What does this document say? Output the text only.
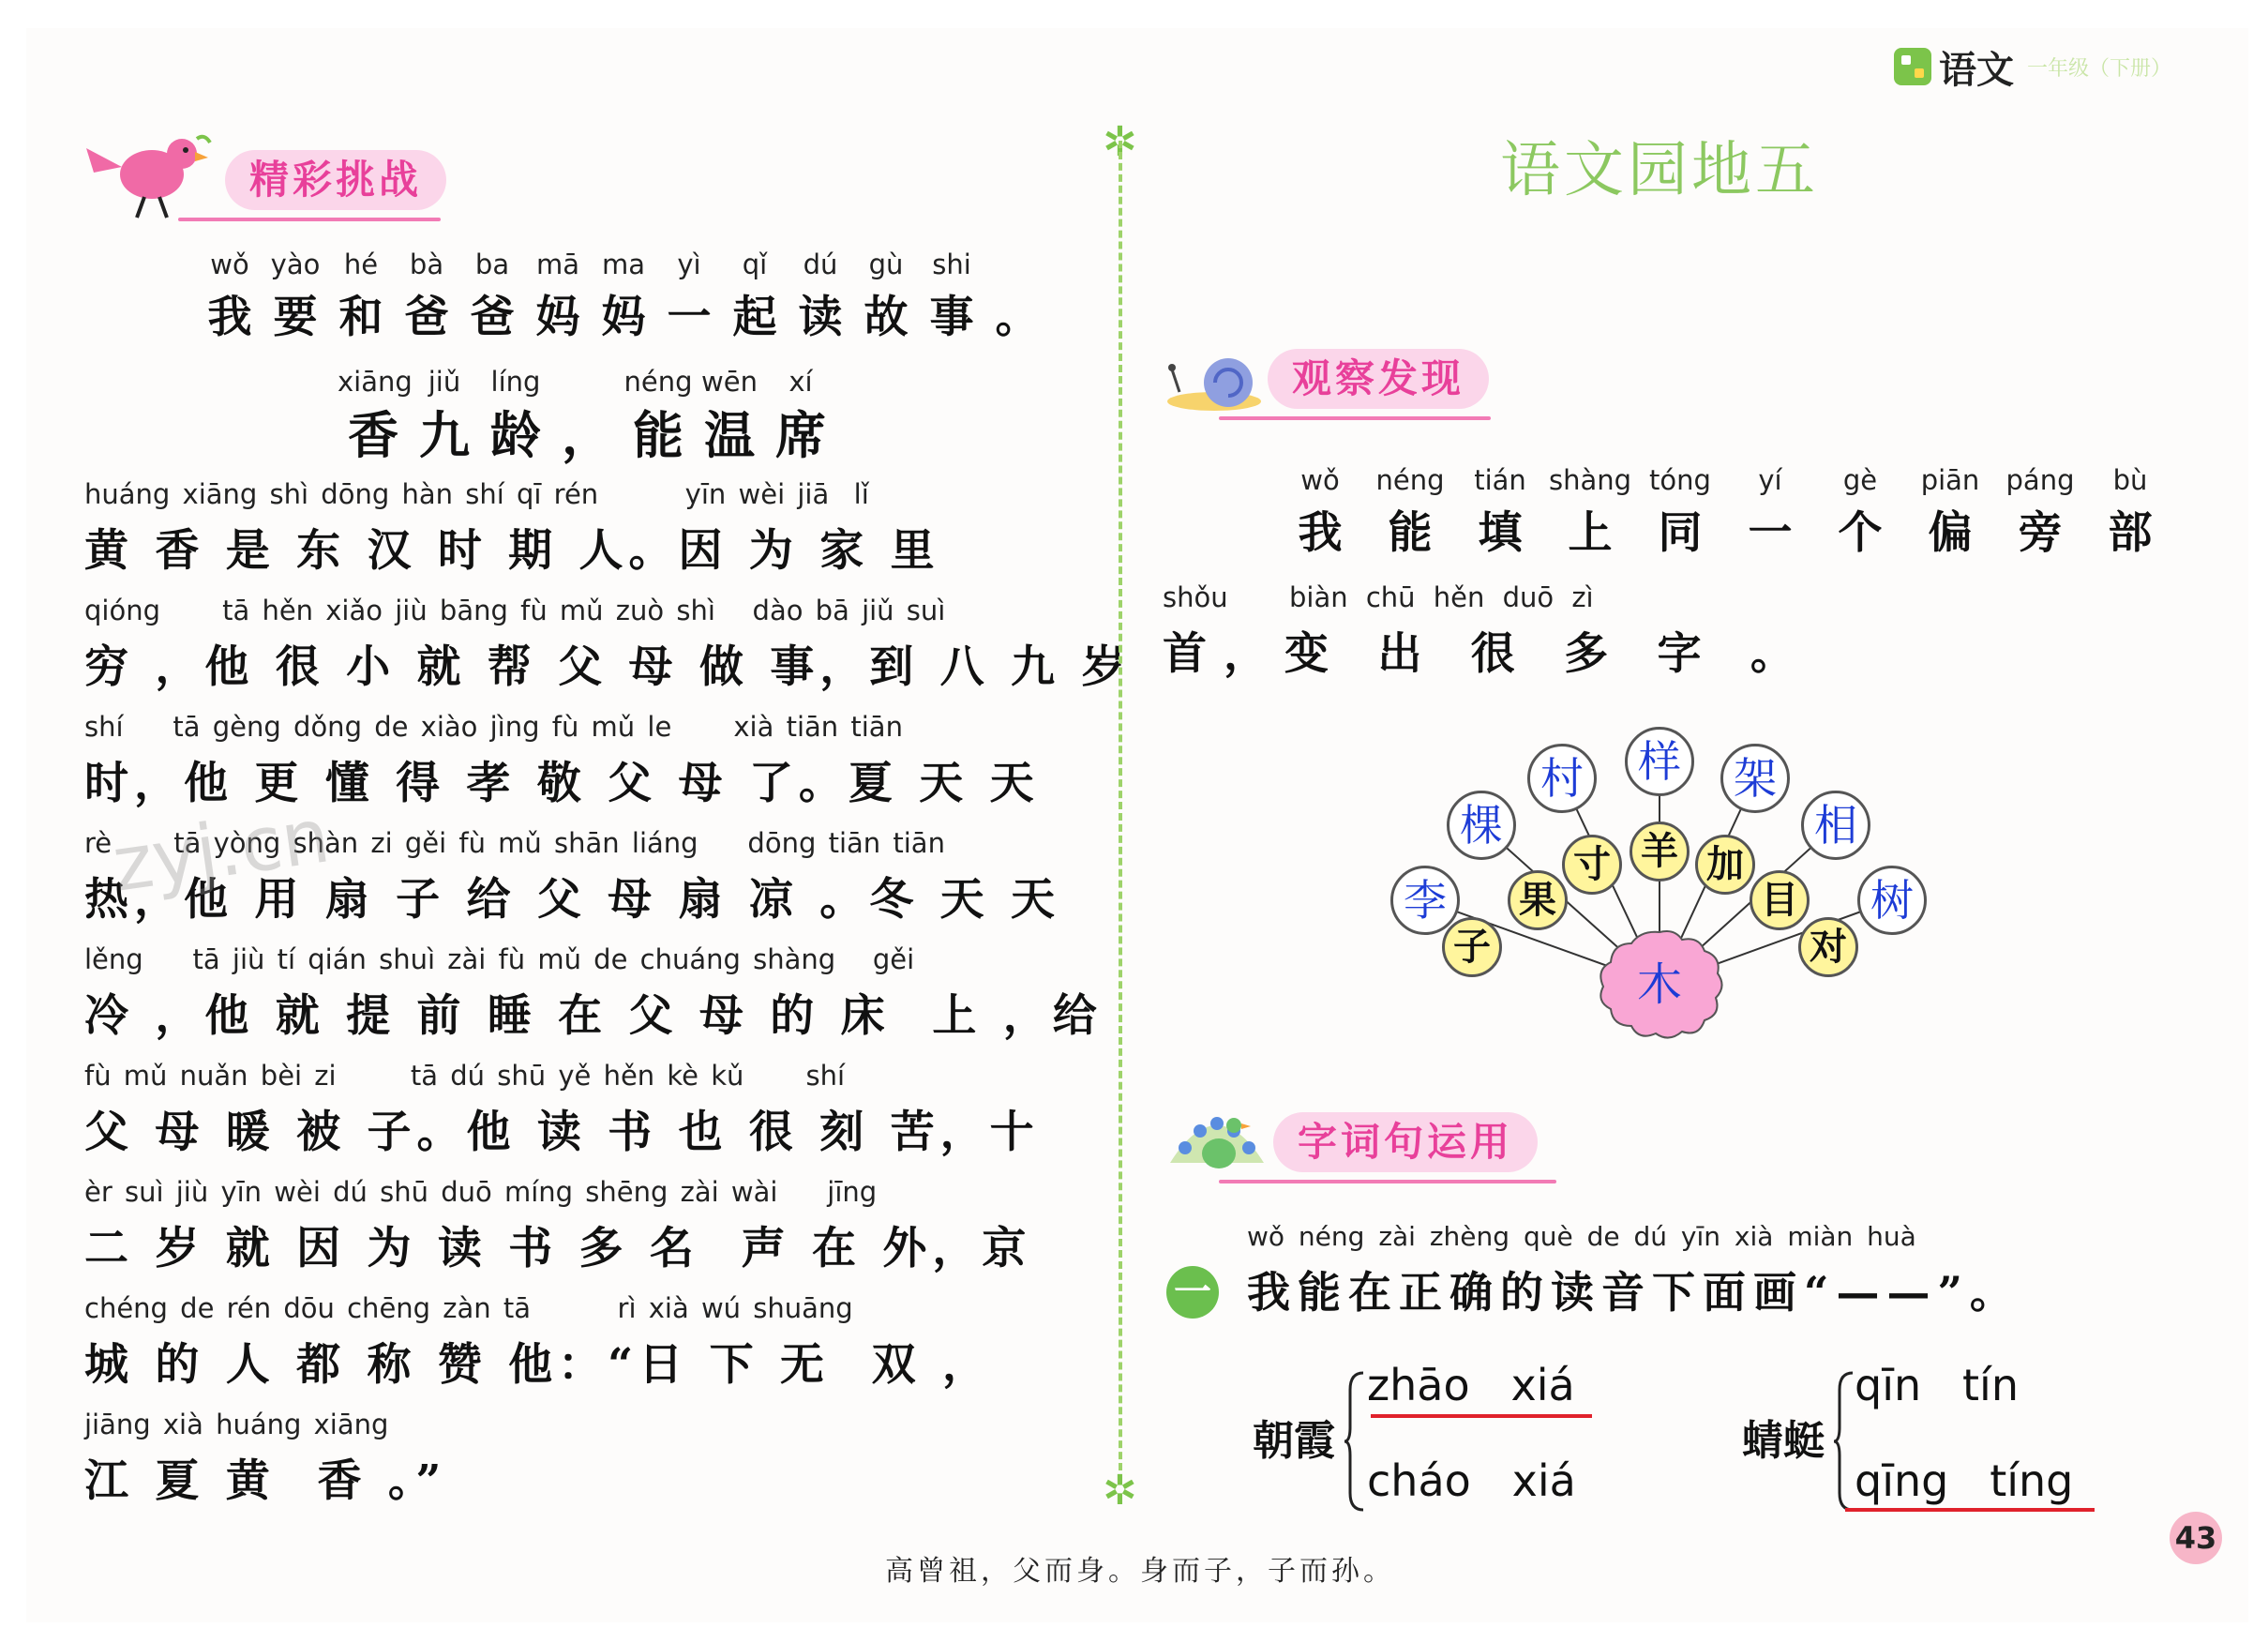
语文 一年级（下册）
精彩挑战
wǒ
我
yào
要
hé
和
bà
爸
ba
爸
mā
妈
ma
妈
yì
一
qǐ
起
dú
读
gù
故
shi
事 。
xiāng
香
jiǔ
九
líng
龄 ，
néng
能
wēn
温
xí
席
huáng xiāng shì dōng hàn shí qī rén       yīn wèi jiā  lǐ
黄 香 是 东 汉 时 期 人。因 为 家 里
qióng     tā hěn xiǎo jiù bāng fù mǔ zuò shì   dào bā jiǔ suì
穷 ，他 很 小 就 帮 父 母 做 事，到 八 九 岁
shí    tā gèng dǒng de xiào jìng fù mǔ le     xià tiān tiān
时，他 更 懂 得 孝 敬 父 母 了。夏 天 天
rè     tā yòng shàn zi gěi fù mǔ shān liáng    dōng tiān tiān
热，他 用 扇 子 给 父 母 扇 凉 。冬 天 天
lěng    tā jiù tí qián shuì zài fù mǔ de chuáng shàng   gěi
冷 ，他 就 提 前 睡 在 父 母 的 床  上 ，给
fù mǔ nuǎn bèi zi      tā dú shū yě hěn kè kǔ     shí
父 母 暖 被 子。他 读 书 也 很 刻 苦，十
èr suì jiù yīn wèi dú shū duō míng shēng zài wài    jīng
二 岁 就 因 为 读 书 多 名  声 在 外，京
chéng de rén dōu chēng zàn tā       rì xià wú shuāng
城 的 人 都 称 赞 他：“日 下 无  双 ，
jiāng xià huáng xiāng
江 夏 黄  香 。”
✲
✲
语文园地五
观察发现
wǒ
我
néng
能
tián
填
shàng
上
tóng
同
yí
一
gè
个
piān
偏
páng
旁
bù
部
shǒu biàn chū hěn duō zì
首，变 出 很 多 字 。
李
棵
村	样	架
相
树
子
果
寸 羊 加
目
对
木
字词句运用
wǒ néng zài zhèng què de dú yīn xià miàn huà
一 我能在正确的读音下面画“——”。
朝霞
zhāo   xiá
cháo   xiá
蜻蜓
qīn   tín
qīng   tíng
43
高曾祖，父而身。身而子，子而孙。
zyj.cn
